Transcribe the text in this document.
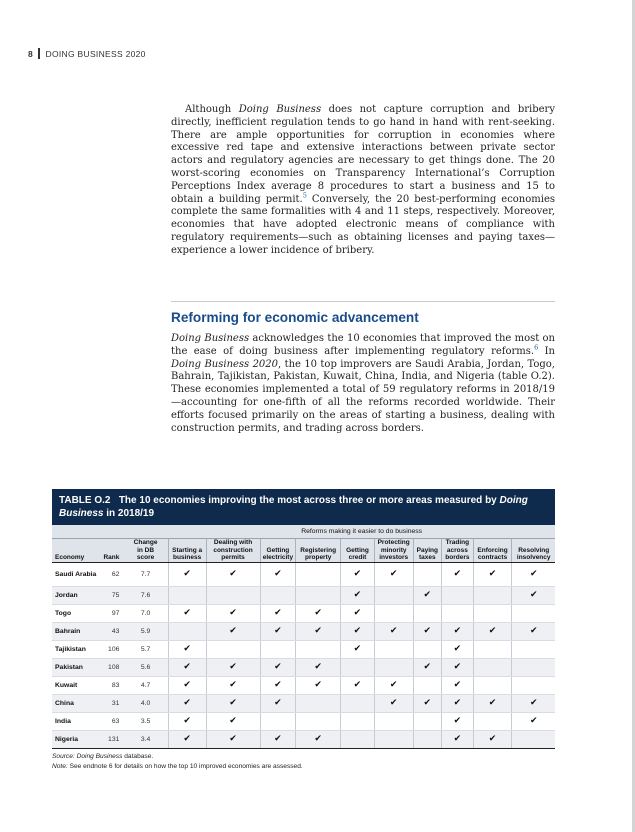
8 DOING BUSINESS 2020

Although Doing Business does not capture corruption and bribery directly, inefficient regulation tends to go hand in hand with rent-seeking. There are ample opportunities for corruption in economies where excessive red tape and extensive interactions between private sector actors and regulatory agencies are necessary to get things done. The 20 worst-scoring economies on Transparency International’s Corruption Perceptions Index average 8 procedures to start a business and 15 to obtain a building permit.$^5$ Conversely, the 20 best-performing economies complete the same formalities with 4 and 11 steps, respectively. Moreover, economies that have adopted electronic means of compliance with regulatory requirements—such as obtaining licenses and paying taxes—experience a lower incidence of bribery.

Reforming for economic advancement

Doing Business acknowledges the 10 economies that improved the most on the ease of doing business after implementing regulatory reforms.$^6$ In Doing Business 2020, the 10 top improvers are Saudi Arabia, Jordan, Togo, Bahrain, Tajikistan, Pakistan, Kuwait, China, India, and Nigeria (table O.2). These economies implemented a total of 59 regulatory reforms in 2018/19—accounting for one-fifth of all the reforms recorded worldwide. Their efforts focused primarily on the areas of starting a business, dealing with construction permits, and trading across borders.

TABLE O.2 The 10 economies improving the most across three or more areas measured by Doing Business in 2018/19
			Reforms making it easier to do business									
Economy	Rank	Change
in DB
score	Starting a
business	Dealing with
construction
permits	Getting
electricity	Registering
property	Getting
credit	Protecting
minority
investors	Paying
taxes	Trading
across
borders	Enforcing
contracts	Resolving
insolvency
Saudi Arabia	62	7.7	✔	✔	✔		✔	✔		✔	✔	✔
Jordan	75	7.6					✔		✔			✔
Togo	97	7.0	✔	✔	✔	✔	✔					
Bahrain	43	5.9		✔	✔	✔	✔	✔	✔	✔	✔	✔
Tajikistan	106	5.7	✔				✔			✔		
Pakistan	108	5.6	✔	✔	✔	✔			✔	✔		
Kuwait	83	4.7	✔	✔	✔	✔	✔	✔		✔		
China	31	4.0	✔	✔	✔			✔	✔	✔	✔	✔
India	63	3.5	✔	✔						✔		✔
Nigeria	131	3.4	✔	✔	✔	✔				✔	✔	
Source: Doing Business database.
Note: See endnote 6 for details on how the top 10 improved economies are assessed.
